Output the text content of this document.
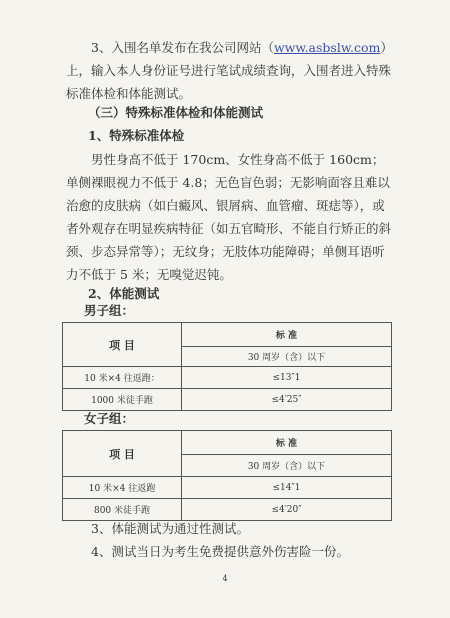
3、入围名单发布在我公司网站（www.asbslw.com）上，输入本人身份证号进行笔试成绩查询，入围者进入特殊标准体检和体能测试。

（三）特殊标准体检和体能测试

1、特殊标准体检

男性身高不低于 170cm、女性身高不低于 160cm；单侧裸眼视力不低于 4.8；无色盲色弱；无影响面容且难以治愈的皮肤病（如白癜风、银屑病、血管瘤、斑痣等），或者外观存在明显疾病特征（如五官畸形、不能自行矫正的斜颈、步态异常等）；无纹身；无肢体功能障碍；单侧耳语听力不低于 5 米；无嗅觉迟钝。

2、体能测试

男子组：

项 目	标 准
	30 周岁（含）以下
10 米×4 往返跑：	≤13″1
1000 米徒手跑	≤4′25″

女子组：

项 目	标 准
	30 周岁（含）以下
10 米×4 往返跑	≤14″1
800 米徒手跑	≤4′20″

3、体能测试为通过性测试。

4、测试当日为考生免费提供意外伤害险一份。

4
